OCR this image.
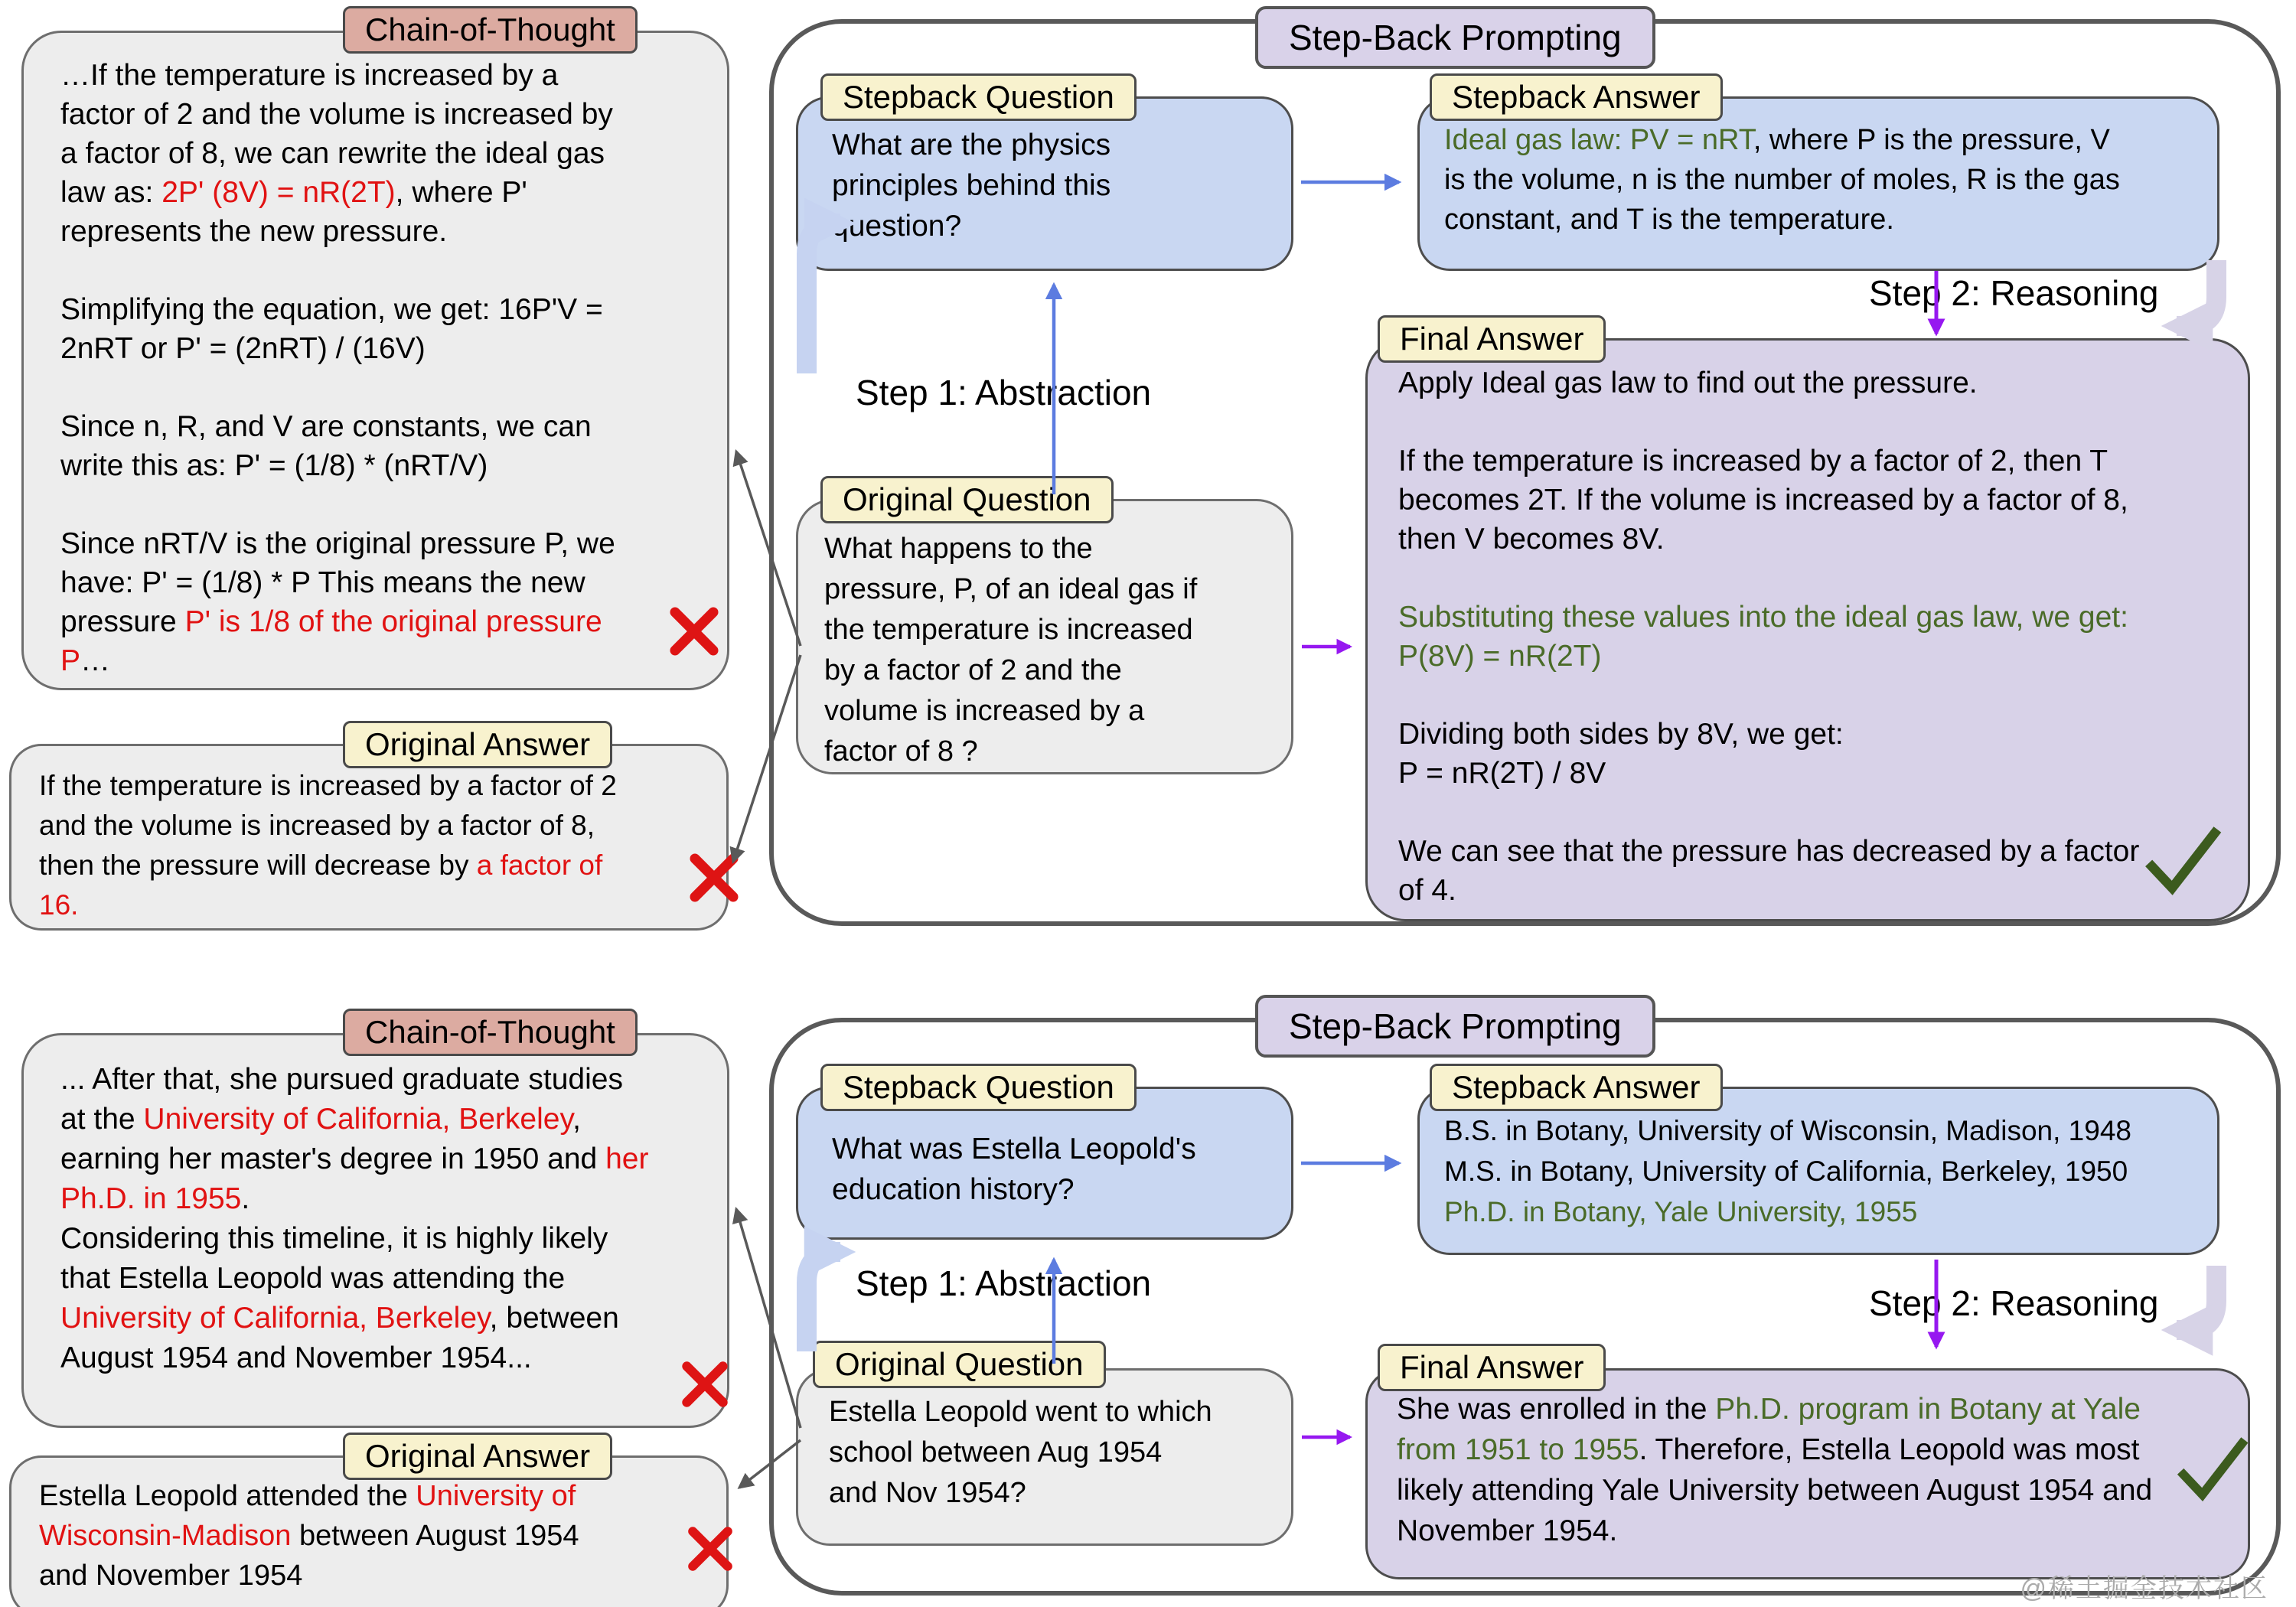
Step-Back Prompting
…If the temperature is increased by a
factor of 2 and the volume is increased by
a factor of 8, we can rewrite the ideal gas
law as: 2P' (8V) = nR(2T), where P'
represents the new pressure.

Simplifying the equation, we get: 16P'V =
2nRT or P' = (2nRT) / (16V)

Since n, R, and V are constants, we can
write this as: P' = (1/8) * (nRT/V)

Since nRT/V is the original pressure P, we
have: P' = (1/8) * P This means the new
pressure P' is 1/8 of the original pressure
P…
Chain-of-Thought
If the temperature is increased by a factor of 2
and the volume is increased by a factor of 8,
then the pressure will decrease by a factor of
16.
Original Answer
What are the physics
principles behind this
question?
Stepback Question
Ideal gas law: PV = nRT, where P is the pressure, V
is the volume, n is the number of moles, R is the gas
constant, and T is the temperature.
Stepback Answer
What happens to the
pressure, P, of an ideal gas if
the temperature is increased
by a factor of 2 and the
volume is increased by a
factor of 8 ?
Original Question
Apply Ideal gas law to find out the pressure.

If the temperature is increased by a factor of 2, then T
becomes 2T. If the volume is increased by a factor of 8,
then V becomes 8V.

Substituting these values into the ideal gas law, we get:
P(8V) = nR(2T)

Dividing both sides by 8V, we get:
P = nR(2T) / 8V

We can see that the pressure has decreased by a factor
of 4.
Final Answer
Step 1: Abstraction
Step 2: Reasoning
Step-Back Prompting
... After that, she pursued graduate studies
at the University of California, Berkeley,
earning her master's degree in 1950 and her
Ph.D. in 1955.
Considering this timeline, it is highly likely
that Estella Leopold was attending the
University of California, Berkeley, between
August 1954 and November 1954...
Chain-of-Thought
Estella Leopold attended the University of
Wisconsin-Madison between August 1954
and November 1954
Original Answer
What was Estella Leopold's
education history?
Stepback Question
B.S. in Botany, University of Wisconsin, Madison, 1948
M.S. in Botany, University of California, Berkeley, 1950
Ph.D. in Botany, Yale University, 1955
Stepback Answer
Estella Leopold went to which
school between Aug 1954
and Nov 1954?
Original Question
She was enrolled in the Ph.D. program in Botany at Yale
from 1951 to 1955. Therefore, Estella Leopold was most
likely attending Yale University between August 1954 and
November 1954.
Final Answer
Step 1: Abstraction	Step 2: Reasoning
@稀土掘金技术社区
